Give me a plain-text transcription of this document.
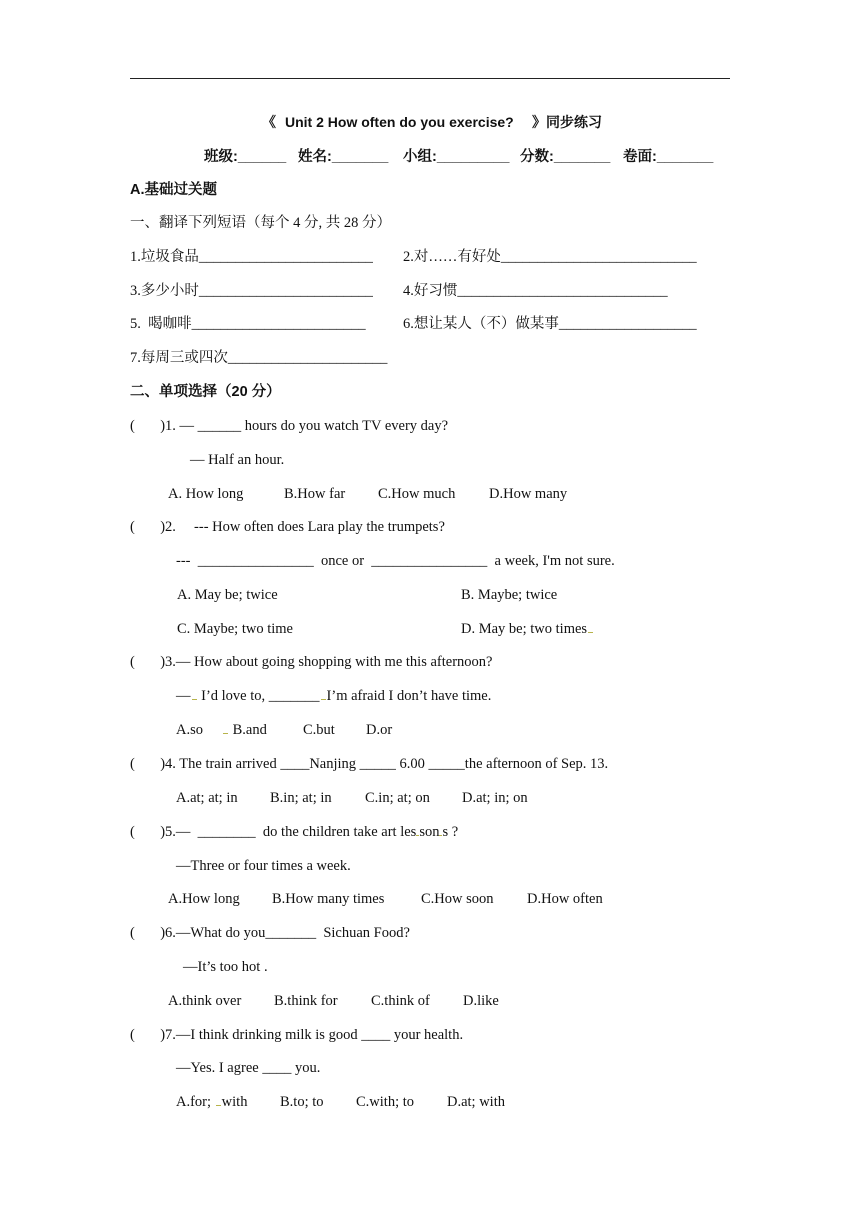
《 Unit 2 How often do you exercise? 》同步练习
班级:______ 姓名:_______ 小组:_________ 分数:_______ 卷面:_______
A.基础过关题
一、翻译下列短语（每个 4 分, 共 28 分）
1.垃圾食品________________________ 2.对……有好处___________________________
3.多少小时________________________ 4.好习惯_____________________________
5.  喝咖啡________________________	6.想让某人（不）做某事___________________
7.每周三或四次______________________
二、单项选择（20 分）
(       )1. — ______ hours do you watch TV every day?
— Half an hour.
A. How long	B.How far C.How much D.How many
(       )2.     --- How often does Lara play the trumpets?
---  ________________  once or  ________________  a week, I'm not sure.
A. May be; twice	B. Maybe; twice
C. Maybe; two time	D. May be; two times
(       )3.— How about going shopping with me this afternoon?
— I’d love to, _______ I’m afraid I don’t have time.
A.so	B.and C.but D.or
(       )4. The train arrived ____Nanjing _____ 6.00 _____the afternoon of Sep. 13.
A.at; at; in B.in; at; in C.in; at; on D.at; in; on
(       )5.—  ________  do the children take art les son s ?
—Three or four times a week.
A.How long B.How many times	C.How soon D.How often
(       )6.—What do you_______  Sichuan Food?
—It’s too hot .
A.think over B.think for C.think of D.like
(       )7.—I think drinking milk is good ____ your health.
—Yes. I agree ____ you.
A.for; with B.to; to C.with; to D.at; with
